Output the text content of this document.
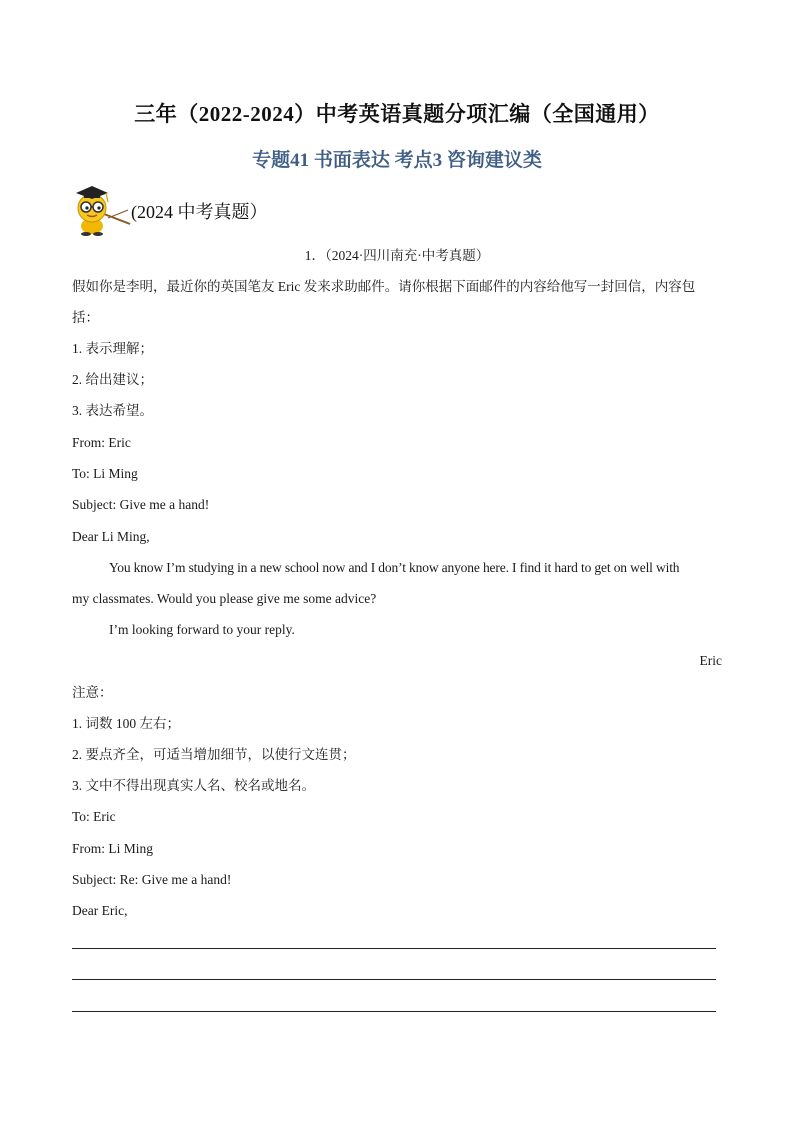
三年（2022-2024）中考英语真题分项汇编（全国通用）
专题41 书面表达 考点3 咨询建议类
(2024 中考真题）
1．（2024·四川南充·中考真题）
假如你是李明，最近你的英国笔友 Eric 发来求助邮件。请你根据下面邮件的内容给他写一封回信，内容包
括：
1. 表示理解；
2. 给出建议；
3. 表达希望。
From: Eric
To: Li Ming
Subject: Give me a hand!
Dear Li Ming,
You know I’m studying in a new school now and I don’t know anyone here. I find it hard to get on well with
my classmates. Would you please give me some advice?
I’m looking forward to your reply.
Eric
注意：
1. 词数 100 左右；
2. 要点齐全，可适当增加细节，以使行文连贯；
3. 文中不得出现真实人名、校名或地名。
To: Eric
From: Li Ming
Subject: Re: Give me a hand!
Dear Eric,
